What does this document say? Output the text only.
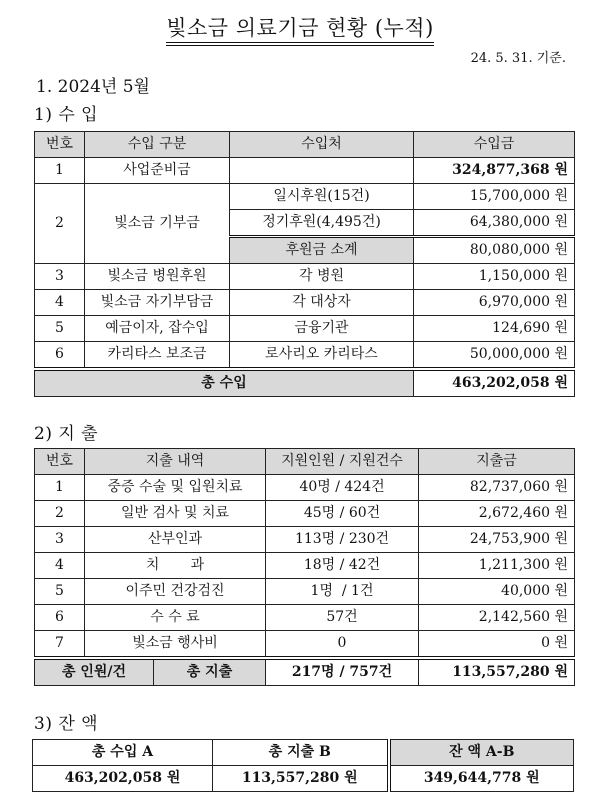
빛소금 의료기금 현황 (누적)
24. 5. 31. 기준.
1. 2024년 5월
1) 수 입
번호	수입 구분	수입처	수입금
1	사업준비금		324,877,368 원
2	빛소금 기부금	일시후원(15건)	15,700,000 원
		정기후원(4,495건)	64,380,000 원
		후원금 소계	80,080,000 원
3	빛소금 병원후원	각 병원	1,150,000 원
4	빛소금 자기부담금	각 대상자	6,970,000 원
5	예금이자, 잡수입	금융기관	124,690 원
6	카리타스 보조금	로사리오 카리타스	50,000,000 원
총 수입			463,202,058 원
2) 지 출
번호	지출 내역		지원인원 / 지원건수	지출금
1	중증 수술 및 입원치료		40명 / 424건	82,737,060 원
2	일반 검사 및 치료		45명 / 60건	2,672,460 원
3	산부인과		113명 / 230건	24,753,900 원
4	치       과		18명 / 42건	1,211,300 원
5	이주민 건강검진		1명  / 1건	40,000 원
6	수 수 료		57건	2,142,560 원
7	빛소금 행사비		0	0 원
총 인원/건		총 지출	217명 / 757건	113,557,280 원
3) 잔 액
총 수입 A	총 지출 B	잔 액 A-B
463,202,058 원	113,557,280 원	349,644,778 원
